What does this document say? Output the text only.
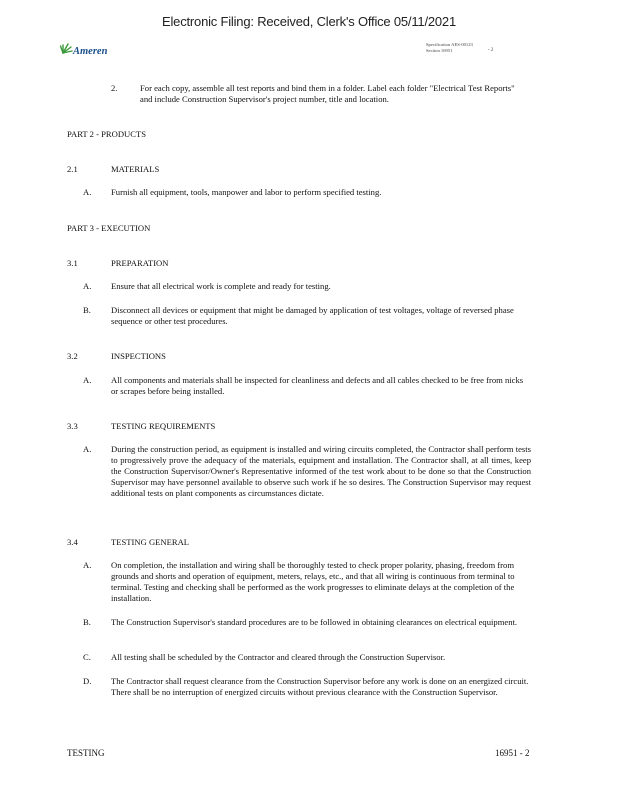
Electronic Filing: Received, Clerk's Office 05/11/2021
Ameren
Specification AES-00123
Section 16951	- 2
2.	For each copy, assemble all test reports and bind them in a folder. Label each folder "Electrical Test Reports" and include Construction Supervisor's project number, title and location.
PART 2 - PRODUCTS
2.1	MATERIALS
A. Furnish all equipment, tools, manpower and labor to perform specified testing.
PART 3 - EXECUTION
3.1	PREPARATION
A. Ensure that all electrical work is complete and ready for testing.
B. Disconnect all devices or equipment that might be damaged by application of test voltages, voltage of reversed phase sequence or other test procedures.
3.2	INSPECTIONS
A. All components and materials shall be inspected for cleanliness and defects and all cables checked to be free from nicks or scrapes before being installed.
3.3	TESTING REQUIREMENTS
A. During the construction period, as equipment is installed and wiring circuits completed, the Contractor shall perform tests to progressively prove the adequacy of the materials, equipment and installation. The Contractor shall, at all times, keep the Construction Supervisor/Owner's Representative informed of the test work about to be done so that the Construction Supervisor may have personnel available to observe such work if he so desires. The Construction Supervisor may request additional tests on plant components as circumstances dictate.
3.4	TESTING GENERAL
A. On completion, the installation and wiring shall be thoroughly tested to check proper polarity, phasing, freedom from grounds and shorts and operation of equipment, meters, relays, etc., and that all wiring is continuous from terminal to terminal. Testing and checking shall be performed as the work progresses to eliminate delays at the completion of the installation.
B. The Construction Supervisor's standard procedures are to be followed in obtaining clearances on electrical equipment.
C. All testing shall be scheduled by the Contractor and cleared through the Construction Supervisor.
D. The Contractor shall request clearance from the Construction Supervisor before any work is done on an energized circuit. There shall be no interruption of energized circuits without previous clearance with the Construction Supervisor.
TESTING	16951 - 2
